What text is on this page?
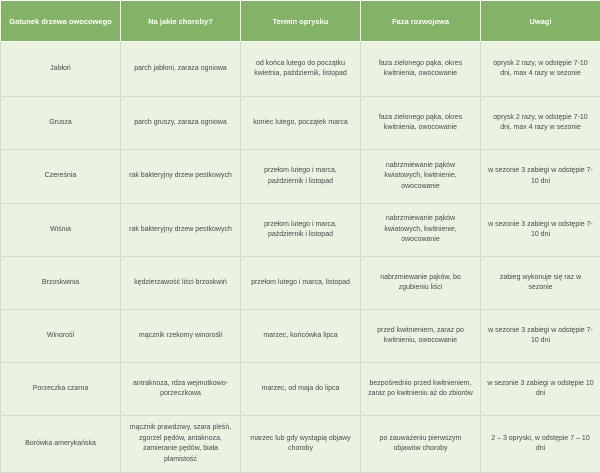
Gatunek drzewa owocowego	Na jakie choroby?	Termin oprysku	Faza rozwojowa	Uwagi
Jabłoń	parch jabłoni, zaraza ogniowa	od końca lutego do początku kwietnia, październik, listopad	faza zielonego pąka, okres kwitnienia, owocowanie	oprysk 2 razy, w odstępie 7-10 dni, max 4 razy w sezonie
Grusza	parch gruszy, zaraza ogniowa	koniec lutego, początek marca	faza zielonego pąka, okres kwitnienia, owocowanie	oprysk 2 razy, w odstępie 7-10 dni, max 4 razy w sezonie
Czereśnia	rak bakteryjny drzew pestkowych	przełom lutego i marca, październik i listopad	nabrzmiewanie pąków kwiatowych, kwitnienie, owocowanie	w sezonie 3 zabiegi w odstępie 7-10 dni
Wiśnia	rak bakteryjny drzew pestkowych	przełom lutego i marca, październik i listopad	nabrzmiewanie pąków kwiatowych, kwitnienie, owocowanie	w sezonie 3 zabiegi w odstępie 7-10 dni
Brzoskwinia	kędzierzawość liści brzoskwiń	przełom lutego i marca, listopad	nabrzmiewanie pąków, bo zgubieniu liści	zabieg wykonuje się raz w sezonie
Winorośl	mącznik rzekomy winorośli	marzec, końcówka lipca	przed kwitnieniem, zaraz po kwitnieniu, owocowanie	w sezonie 3 zabiegi w odstępie 7-10 dni
Porzeczka czarna	antraknoza, rdza wejmutkowo-porzeczkowa	marzec, od maja do lipca	bezpośrednio przed kwitnieniem, zaraz po kwitnieniu aż do zbiorów	w sezonie 3 zabiegi w odstępie 10 dni
Borówka amerykańska	mącznik prawdziwy, szara pleśń, zgorzel pędów, antaknoza, zamieranie pędów, biała plamistość	marzec lub gdy wystąpią objawy choroby	po zauważeniu pierwszym objawów choroby	2 – 3 opryski, w odstępie 7 – 10 dni
